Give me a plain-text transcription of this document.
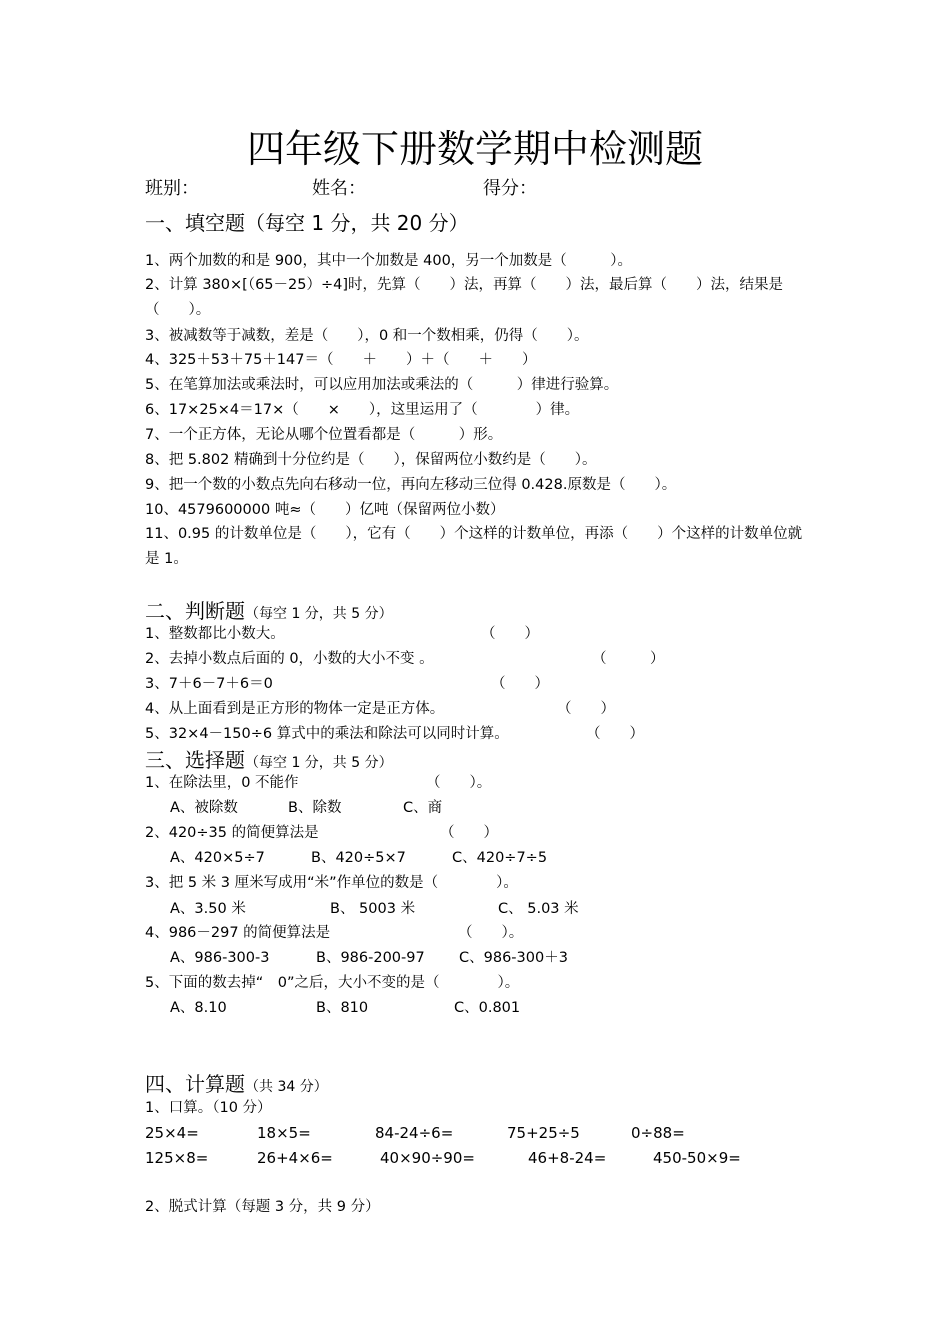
四年级下册数学期中检测题
班别：	姓名：	得分：
一、填空题（每空 1 分，共 20 分）
1、两个加数的和是 900，其中一个加数是 400，另一个加数是（　　　）。
2、计算 380×[（65－25）÷4]时，先算（　　）法，再算（　　）法，最后算（　　）法，结果是（　　）。
3、被减数等于减数，差是（　　），0 和一个数相乘，仍得（　　）。
4、325＋53＋75＋147＝（　　＋　　）＋（　　＋　　）
5、在笔算加法或乘法时，可以应用加法或乘法的（　　　）律进行验算。
6、17×25×4＝17×（　　×　　），这里运用了（　　　　）律。
7、一个正方体，无论从哪个位置看都是（　　　）形。
8、把 5.802 精确到十分位约是（　　），保留两位小数约是（　　）。
9、把一个数的小数点先向右移动一位，再向左移动三位得 0.428.原数是（　　）。
10、4579600000 吨≈（　　）亿吨（保留两位小数）
11、0.95 的计数单位是（　　），它有（　　）个这样的计数单位，再添（　　）个这样的计数单位就是 1。
二、判断题（每空 1 分，共 5 分）
1、整数都比小数大。	（　　）
2、去掉小数点后面的 0，小数的大小不变 。	（　　　）
3、7＋6－7＋6＝0	（　　）
4、从上面看到是正方形的物体一定是正方体。	（　　）
5、32×4－150÷6 算式中的乘法和除法可以同时计算。	（　　）
三、选择题（每空 1 分，共 5 分）
1、在除法里，0 不能作	（　　）。
A、被除数	B、除数	C、商
2、420÷35 的简便算法是	（　　）
A、420×5÷7	B、420÷5×7	C、420÷7÷5
3、把 5 米 3 厘米写成用“米”作单位的数是（　　　　）。
A、3.50 米	B、 5003 米	C、 5.03 米
4、986－297 的简便算法是	（　　）。
A、986-300-3	B、986-200-97 C、986-300＋3
5、下面的数去掉“　0”之后，大小不变的是（　　　　）。
A、8.10	B、810	C、0.801
四、计算题（共 34 分）
1、口算。（10 分）
25×4=	18×5=	84-24÷6=	75+25÷5	0÷88=
125×8=	26+4×6=	40×90÷90=	46+8-24=	450-50×9=
2、脱式计算（每题 3 分，共 9 分）
